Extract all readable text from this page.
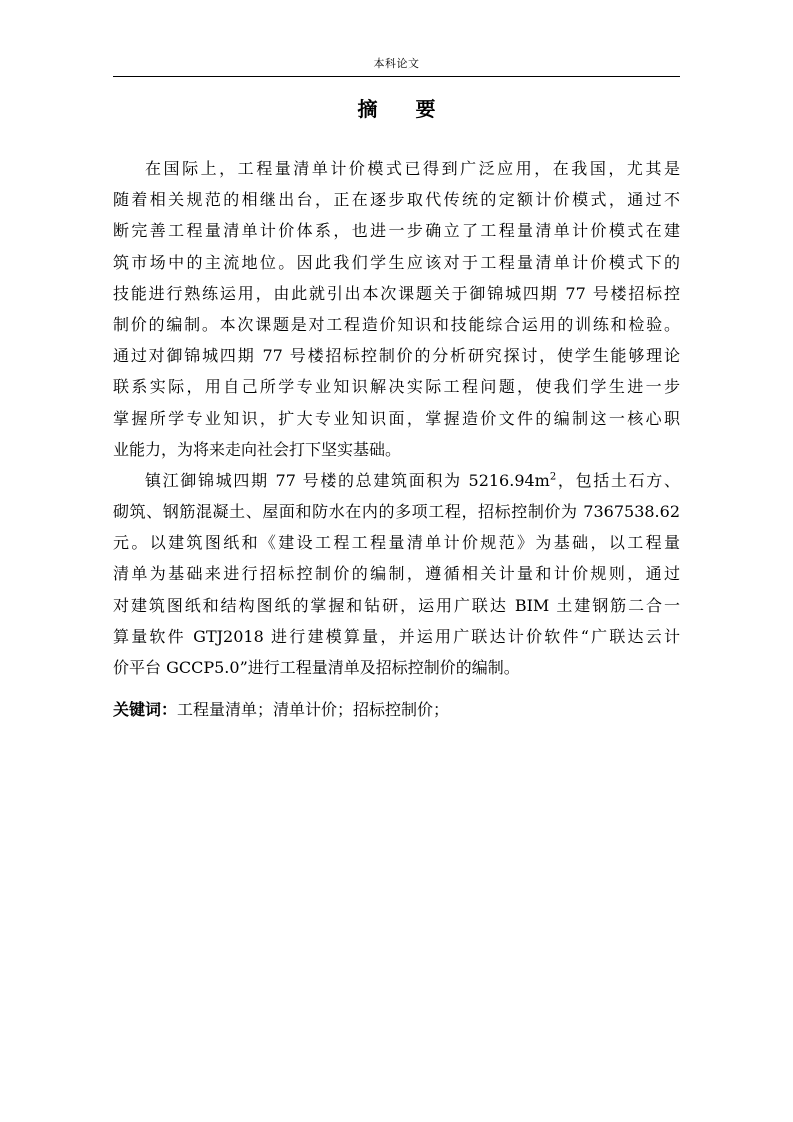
本科论文
摘 要
在国际上，工程量清单计价模式已得到广泛应用，在我国，尤其是
随着相关规范的相继出台，正在逐步取代传统的定额计价模式，通过不
断完善工程量清单计价体系，也进一步确立了工程量清单计价模式在建
筑市场中的主流地位。因此我们学生应该对于工程量清单计价模式下的
技能进行熟练运用，由此就引出本次课题关于御锦城四期 77 号楼招标控
制价的编制。本次课题是对工程造价知识和技能综合运用的训练和检验。
通过对御锦城四期 77 号楼招标控制价的分析研究探讨，使学生能够理论
联系实际，用自己所学专业知识解决实际工程问题，使我们学生进一步
掌握所学专业知识，扩大专业知识面，掌握造价文件的编制这一核心职
业能力，为将来走向社会打下坚实基础。
镇江御锦城四期 77 号楼的总建筑面积为 $5216.94m^2$，包括土石方、
砌筑、钢筋混凝土、屋面和防水在内的多项工程，招标控制价为 7367538.62
元。以建筑图纸和《建设工程工程量清单计价规范》为基础，以工程量
清单为基础来进行招标控制价的编制，遵循相关计量和计价规则，通过
对建筑图纸和结构图纸的掌握和钻研，运用广联达 BIM 土建钢筋二合一
算量软件 GTJ2018 进行建模算量，并运用广联达计价软件“广联达云计
价平台 GCCP5.0”进行工程量清单及招标控制价的编制。
关键词：工程量清单；清单计价；招标控制价；
